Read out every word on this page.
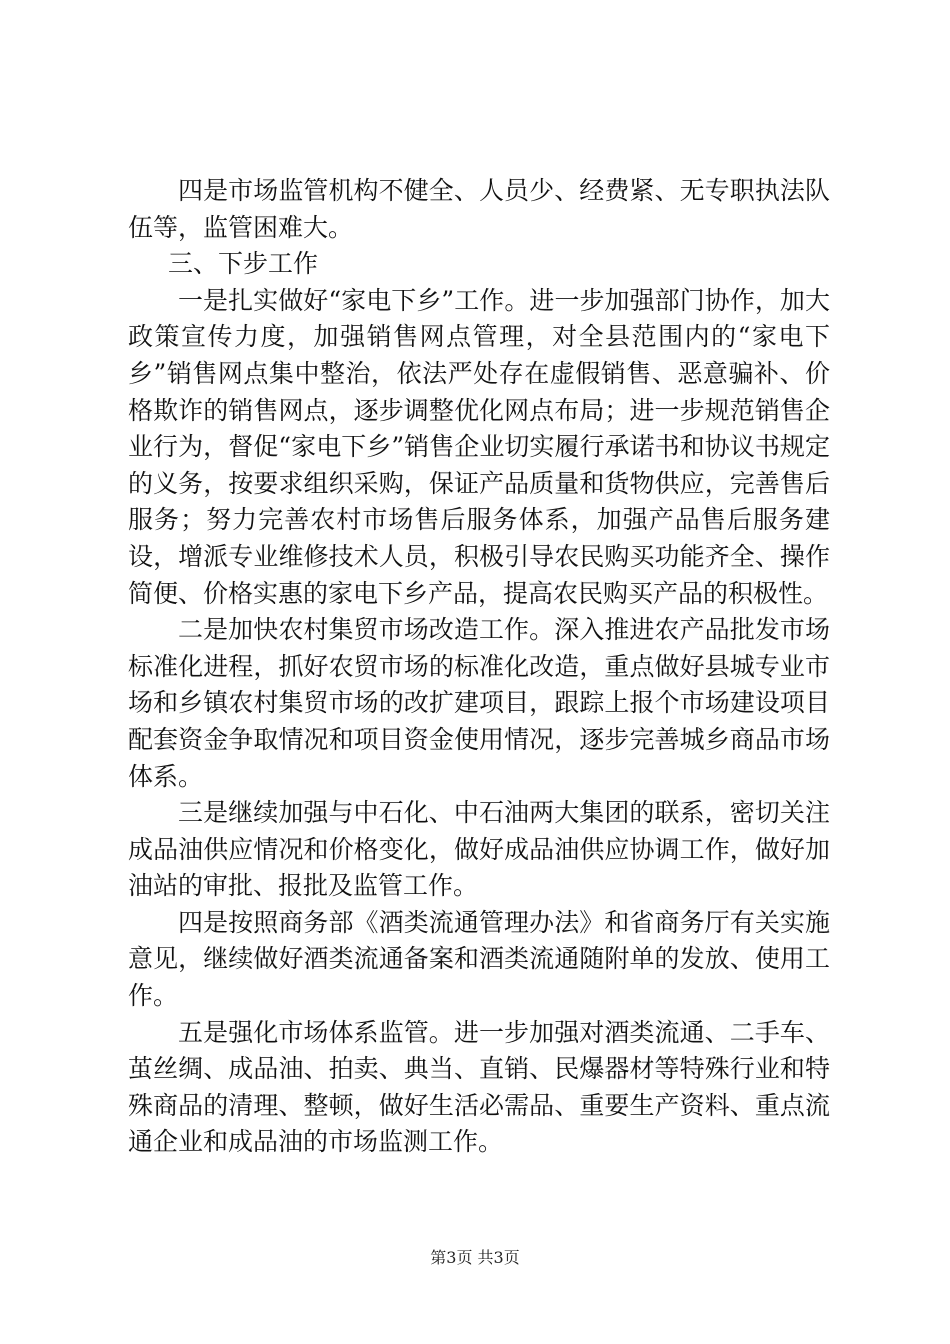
四是市场监管机构不健全、人员少、经费紧、无专职执法队伍等，监管困难大。

三、下步工作

一是扎实做好“家电下乡”工作。进一步加强部门协作，加大政策宣传力度，加强销售网点管理，对全县范围内的“家电下乡”销售网点集中整治，依法严处存在虚假销售、恶意骗补、价格欺诈的销售网点，逐步调整优化网点布局；进一步规范销售企业行为，督促“家电下乡”销售企业切实履行承诺书和协议书规定的义务，按要求组织采购，保证产品质量和货物供应，完善售后服务；努力完善农村市场售后服务体系，加强产品售后服务建设，增派专业维修技术人员，积极引导农民购买功能齐全、操作简便、价格实惠的家电下乡产品，提高农民购买产品的积极性。

二是加快农村集贸市场改造工作。深入推进农产品批发市场标准化进程，抓好农贸市场的标准化改造，重点做好县城专业市场和乡镇农村集贸市场的改扩建项目，跟踪上报个市场建设项目配套资金争取情况和项目资金使用情况，逐步完善城乡商品市场体系。

三是继续加强与中石化、中石油两大集团的联系，密切关注成品油供应情况和价格变化，做好成品油供应协调工作，做好加油站的审批、报批及监管工作。

四是按照商务部《酒类流通管理办法》和省商务厅有关实施意见，继续做好酒类流通备案和酒类流通随附单的发放、使用工作。

五是强化市场体系监管。进一步加强对酒类流通、二手车、茧丝绸、成品油、拍卖、典当、直销、民爆器材等特殊行业和特殊商品的清理、整顿，做好生活必需品、重要生产资料、重点流通企业和成品油的市场监测工作。

第3页 共3页
